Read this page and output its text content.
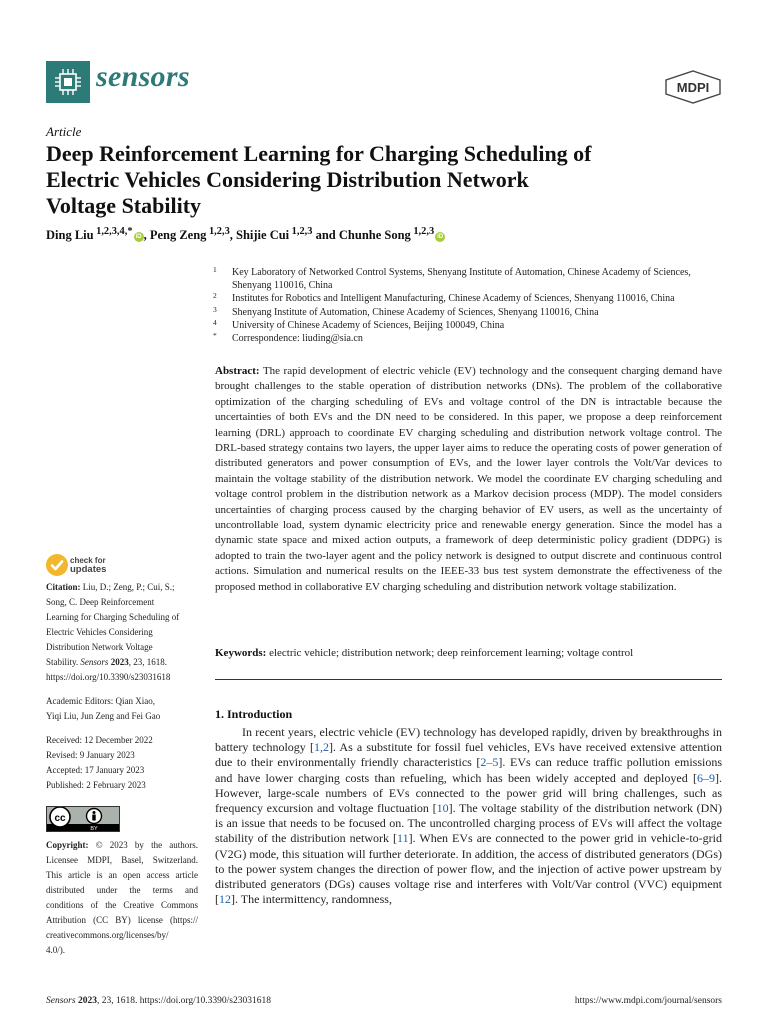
sensors	MDPI
Article
Deep Reinforcement Learning for Charging Scheduling of
Electric Vehicles Considering Distribution Network
Voltage Stability
Ding Liu  $^{1,2,3,4,*}$ iD , Peng Zeng  $^{1,2,3}$, Shijie Cui  $^{1,2,3}$ and Chunhe Song  $^{1,2,3}$ iD
1 Key Laboratory of Networked Control Systems, Shenyang Institute of Automation, Chinese Academy of Sciences, Shenyang 110016, China
2 Institutes for Robotics and Intelligent Manufacturing, Chinese Academy of Sciences, Shenyang 110016, China
3 Shenyang Institute of Automation, Chinese Academy of Sciences, Shenyang 110016, China
4 University of Chinese Academy of Sciences, Beijing 100049, China
* Correspondence: liuding@sia.cn
Abstract: The rapid development of electric vehicle (EV) technology and the consequent charging demand have brought challenges to the stable operation of distribution networks (DNs). The problem of the collaborative optimization of the charging scheduling of EVs and voltage control of the DN is intractable because the uncertainties of both EVs and the DN need to be considered. In this paper, we propose a deep reinforcement learning (DRL) approach to coordinate EV charging scheduling and distribution network voltage control. The DRL-based strategy contains two layers, the upper layer aims to reduce the operating costs of power generation of distributed generators and power consumption of EVs, and the lower layer controls the Volt/Var devices to maintain the voltage stability of the distribution network. We model the coordinate EV charging scheduling and voltage control problem in the distribution network as a Markov decision process (MDP). The model considers uncertainties of charging process caused by the charging behavior of EV users, as well as the uncertainty of uncontrollable load, system dynamic electricity price and renewable energy generation. Since the model has a dynamic state space and mixed action outputs, a framework of deep deterministic policy gradient (DDPG) is adopted to train the two-layer agent and the policy network is designed to output discrete and continuous control actions. Simulation and numerical results on the IEEE-33 bus test system demonstrate the effectiveness of the proposed method in collaborative EV charging scheduling and distribution network voltage stabilization.
Keywords: electric vehicle; distribution network; deep reinforcement learning; voltage control
check for
updates

Citation: Liu, D.; Zeng, P.; Cui, S.;

Song, C. Deep Reinforcement

Learning for Charging Scheduling of

Electric Vehicles Considering

Distribution Network Voltage

Stability. Sensors 2023, 23, 1618.

https://doi.org/10.3390/s23031618

Academic Editors: Qian Xiao,

Yiqi Liu, Jun Zeng and Fei Gao

Received: 12 December 2022

Revised: 9 January 2023

Accepted: 17 January 2023

Published: 2 February 2023

cc
BY

Copyright: © 2023 by the authors.

Licensee MDPI, Basel, Switzerland.

This article is an open access article

distributed under the terms and

conditions of the Creative Commons

Attribution (CC BY) license (https://

creativecommons.org/licenses/by/

4.0/).

1. Introduction

In recent years, electric vehicle (EV) technology has developed rapidly, driven by breakthroughs in battery technology [1,2]. As a substitute for fossil fuel vehicles, EVs have received extensive attention due to their environmentally friendly characteristics [2–5]. EVs can reduce traffic pollution emissions and have lower charging costs than refueling, which has been widely accepted and deployed [6–9]. However, large-scale numbers of EVs connected to the power grid will bring challenges, such as frequency excursion and voltage fluctuation [10]. The voltage stability of the distribution network (DN) is an issue that needs to be focused on. The uncontrolled charging process of EVs will affect the voltage stability of the distribution network [11]. When EVs are connected to the power grid in vehicle-to-grid (V2G) mode, this situation will further deteriorate. In addition, the access of distributed generators (DGs) to the power system changes the direction of power flow, and the injection of active power upstream by distributed generators (DGs) causes voltage rise and interferes with Volt/Var control (VVC) equipment [12]. The intermittency, randomness,

Sensors 2023, 23, 1618. https://doi.org/10.3390/s23031618	https://www.mdpi.com/journal/sensors
